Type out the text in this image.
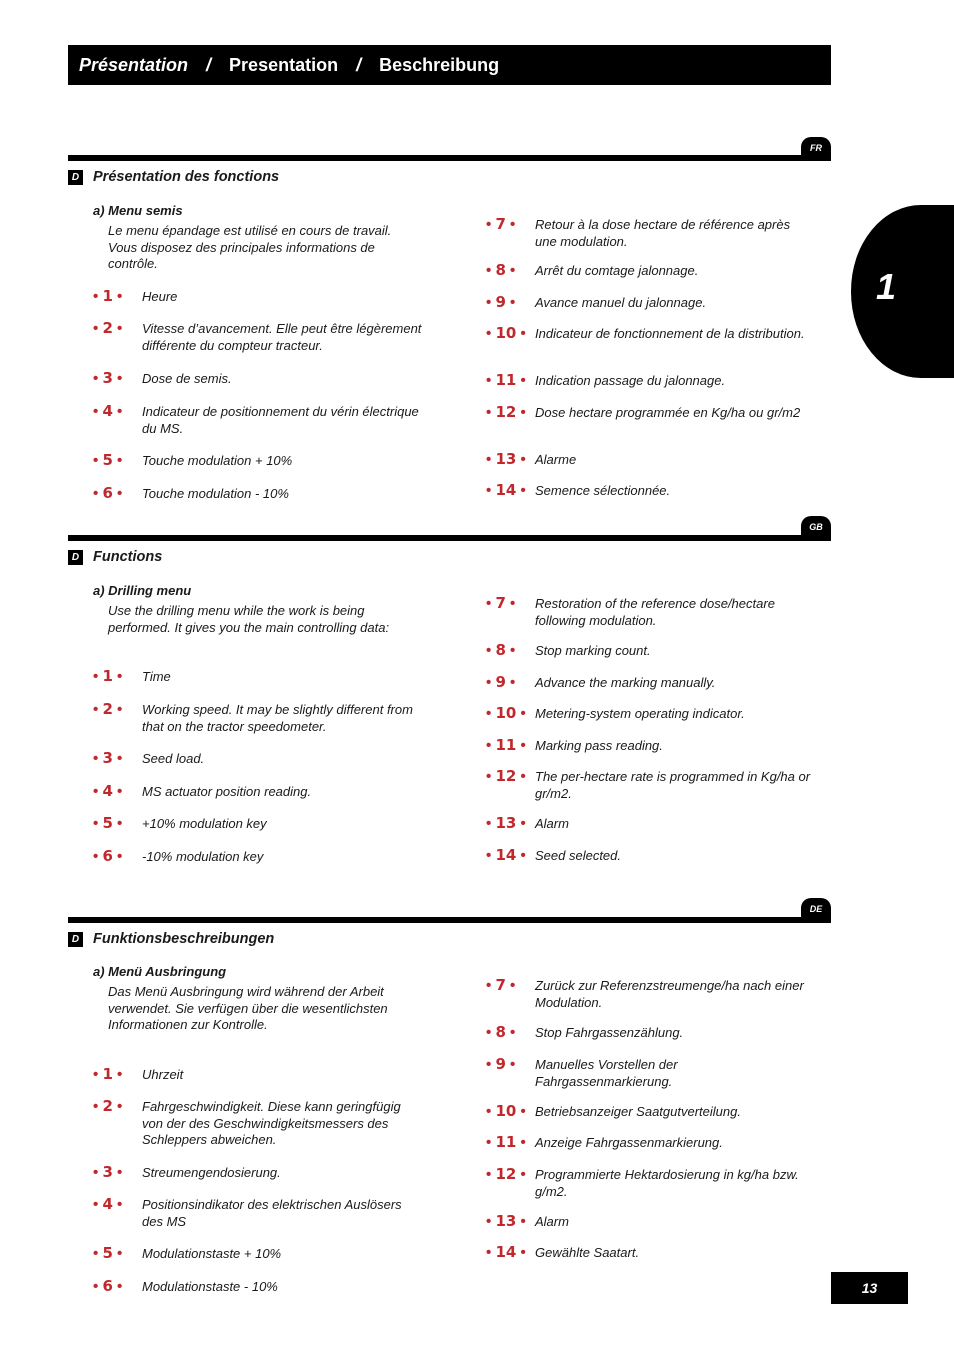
Présentation / Presentation / Beschreibung
1
FR
D Présentation des fonctions
a) Menu semis
Le menu épandage est utilisé en cours de travail. Vous disposez des principales informations de contrôle.
• 1 •	Heure
• 2 •	Vitesse d’avancement. Elle peut être légèrement différente du compteur tracteur.
• 3 •	Dose de semis.
• 4 •	Indicateur de positionnement du vérin électrique du MS.
• 5 •	Touche modulation + 10%
• 6 •	Touche modulation - 10%
• 7 •	Retour à la dose hectare de référence après une modulation.
• 8 •	Arrêt du comtage jalonnage.
• 9 •	Avance manuel du jalonnage.
• 10 • Indicateur de fonctionnement de la distribution.
• 11 • Indication passage du jalonnage.
• 12 • Dose hectare programmée en Kg/ha ou gr/m2
• 13 • Alarme
• 14 • Semence sélectionnée.
GB
D Functions
a) Drilling menu
Use the drilling menu while the work is being performed. It gives you the main controlling data:
• 1 •	Time
• 2 •	Working speed. It may be slightly different from that on the tractor speedometer.
• 3 •	Seed load.
• 4 •	MS actuator position reading.
• 5 •	+10% modulation key
• 6 •	-10% modulation key
• 7 •	Restoration of the reference dose/hectare following modulation.
• 8 •	Stop marking count.
• 9 •	Advance the marking manually.
• 10 • Metering-system operating indicator.
• 11 • Marking pass reading.
• 12 • The per-hectare rate is programmed in Kg/ha or gr/m2.
• 13 • Alarm
• 14 • Seed selected.
DE
D Funktionsbeschreibungen
a) Menü Ausbringung
Das Menü Ausbringung wird während der Arbeit verwendet. Sie verfügen über die wesentlichsten Informationen zur Kontrolle.
• 1 •	Uhrzeit
• 2 •	Fahrgeschwindigkeit. Diese kann geringfügig von der des Geschwindigkeitsmessers des Schleppers abweichen.
• 3 •	Streumengendosierung.
• 4 •	Positionsindikator des elektrischen Auslösers des MS
• 5 •	Modulationstaste + 10%
• 6 •	Modulationstaste - 10%
• 7 •	Zurück zur Referenzstreumenge/ha nach einer Modulation.
• 8 •	Stop Fahrgassenzählung.
• 9 •	Manuelles Vorstellen der Fahrgassenmarkierung.
• 10 • Betriebsanzeiger Saatgutverteilung.
• 11 • Anzeige Fahrgassenmarkierung.
• 12 • Programmierte Hektardosierung in kg/ha bzw. g/m2.
• 13 • Alarm
• 14 • Gewählte Saatart.
13
